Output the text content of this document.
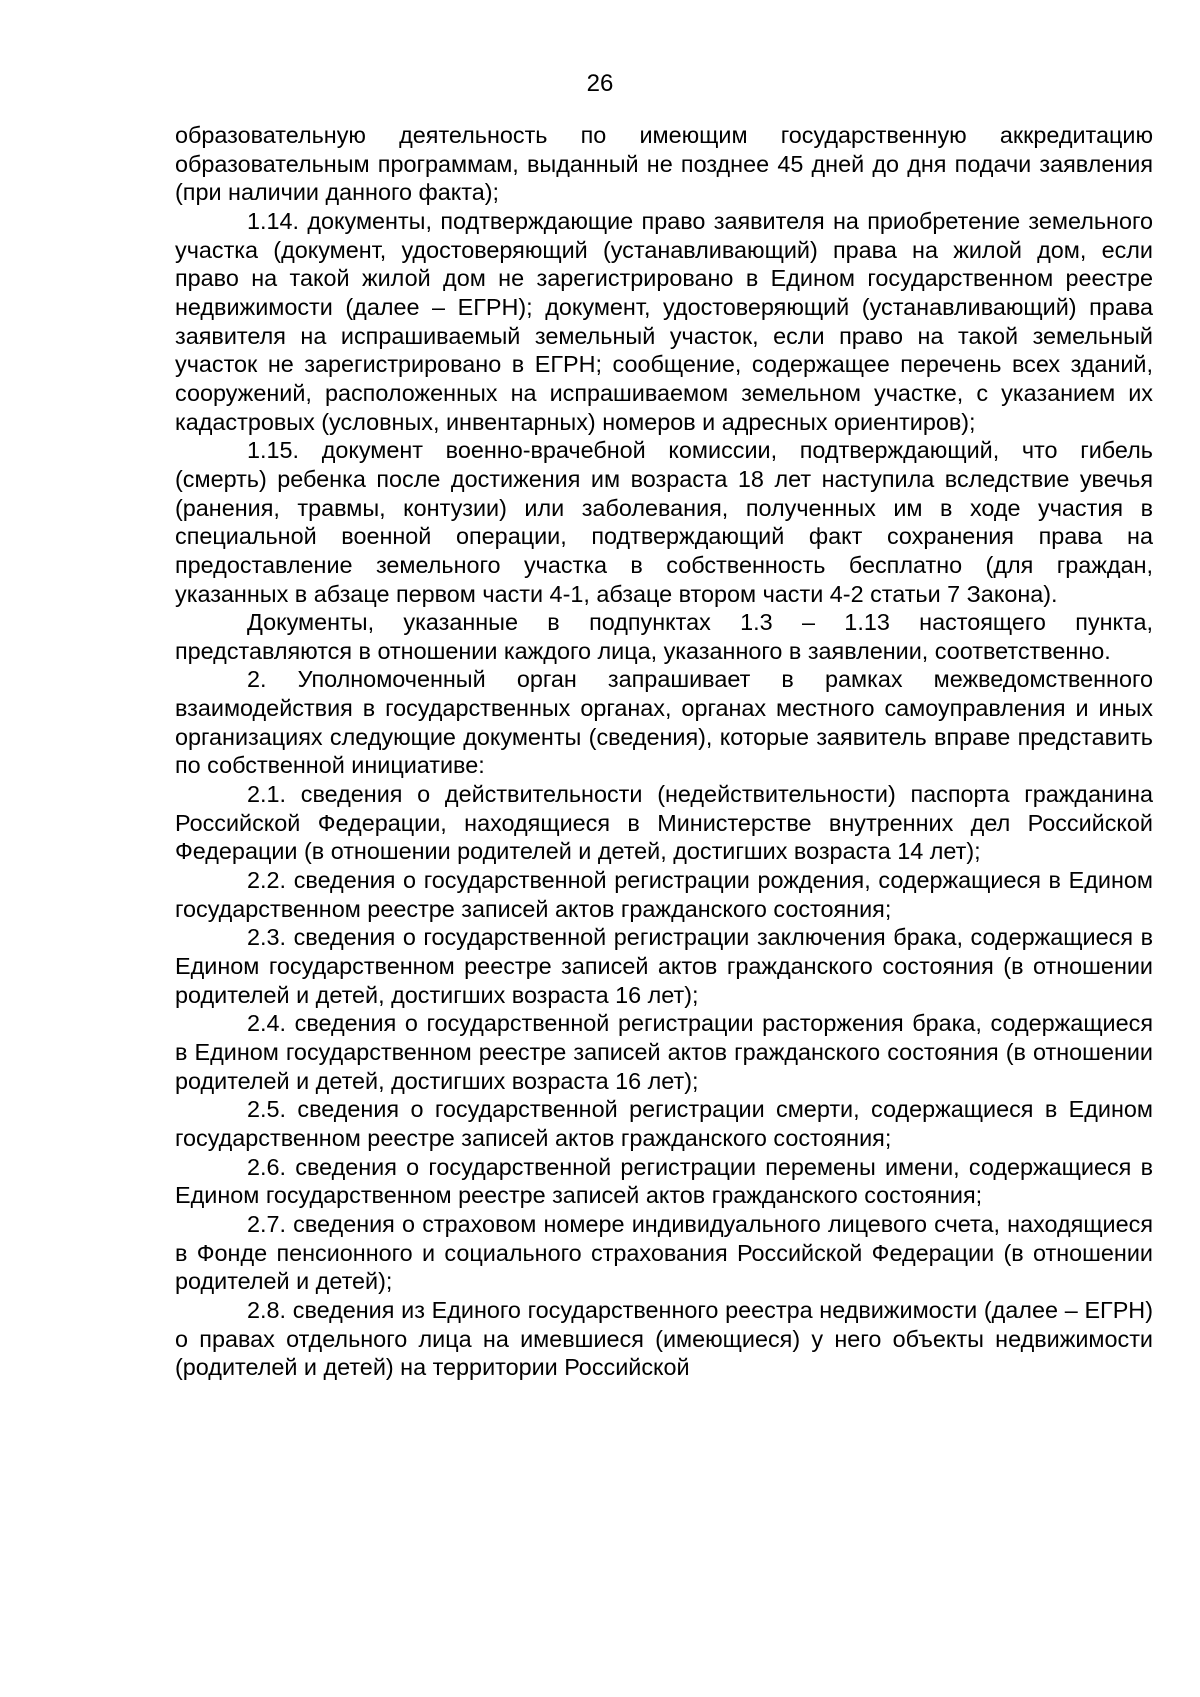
26

образовательную деятельность по имеющим государственную аккредитацию образовательным программам, выданный не позднее 45 дней до дня подачи заявления (при наличии данного факта);

1.14. документы, подтверждающие право заявителя на приобретение земельного участка (документ, удостоверяющий (устанавливающий) права на жилой дом, если право на такой жилой дом не зарегистрировано в Едином государственном реестре недвижимости (далее – ЕГРН); документ, удостоверяющий (устанавливающий) права заявителя на испрашиваемый земельный участок, если право на такой земельный участок не зарегистрировано в ЕГРН; сообщение, содержащее перечень всех зданий, сооружений, расположенных на испрашиваемом земельном участке, с указанием их кадастровых (условных, инвентарных) номеров и адресных ориентиров);

1.15. документ военно-врачебной комиссии, подтверждающий, что гибель (смерть) ребенка после достижения им возраста 18 лет наступила вследствие увечья (ранения, травмы, контузии) или заболевания, полученных им в ходе участия в специальной военной операции, подтверждающий факт сохранения права на предоставление земельного участка в собственность бесплатно (для граждан, указанных в абзаце первом части 4-1, абзаце втором части 4-2 статьи 7 Закона).

Документы, указанные в подпунктах 1.3 – 1.13 настоящего пункта, представляются в отношении каждого лица, указанного в заявлении, соответственно.

2. Уполномоченный орган запрашивает в рамках межведомственного взаимодействия в государственных органах, органах местного самоуправления и иных организациях следующие документы (сведения), которые заявитель вправе представить по собственной инициативе:

2.1. сведения о действительности (недействительности) паспорта гражданина Российской Федерации, находящиеся в Министерстве внутренних дел Российской Федерации (в отношении родителей и детей, достигших возраста 14 лет);

2.2. сведения о государственной регистрации рождения, содержащиеся в Едином государственном реестре записей актов гражданского состояния;

2.3. сведения о государственной регистрации заключения брака, содержащиеся в Едином государственном реестре записей актов гражданского состояния (в отношении родителей и детей, достигших возраста 16 лет);

2.4. сведения о государственной регистрации расторжения брака, содержащиеся в Едином государственном реестре записей актов гражданского состояния (в отношении родителей и детей, достигших возраста 16 лет);

2.5. сведения о государственной регистрации смерти, содержащиеся в Едином государственном реестре записей актов гражданского состояния;

2.6. сведения о государственной регистрации перемены имени, содержащиеся в Едином государственном реестре записей актов гражданского состояния;

2.7. сведения о страховом номере индивидуального лицевого счета, находящиеся в Фонде пенсионного и социального страхования Российской Федерации (в отношении родителей и детей);

2.8. сведения из Единого государственного реестра недвижимости (далее – ЕГРН) о правах отдельного лица на имевшиеся (имеющиеся) у него объекты недвижимости (родителей и детей) на территории Российской
